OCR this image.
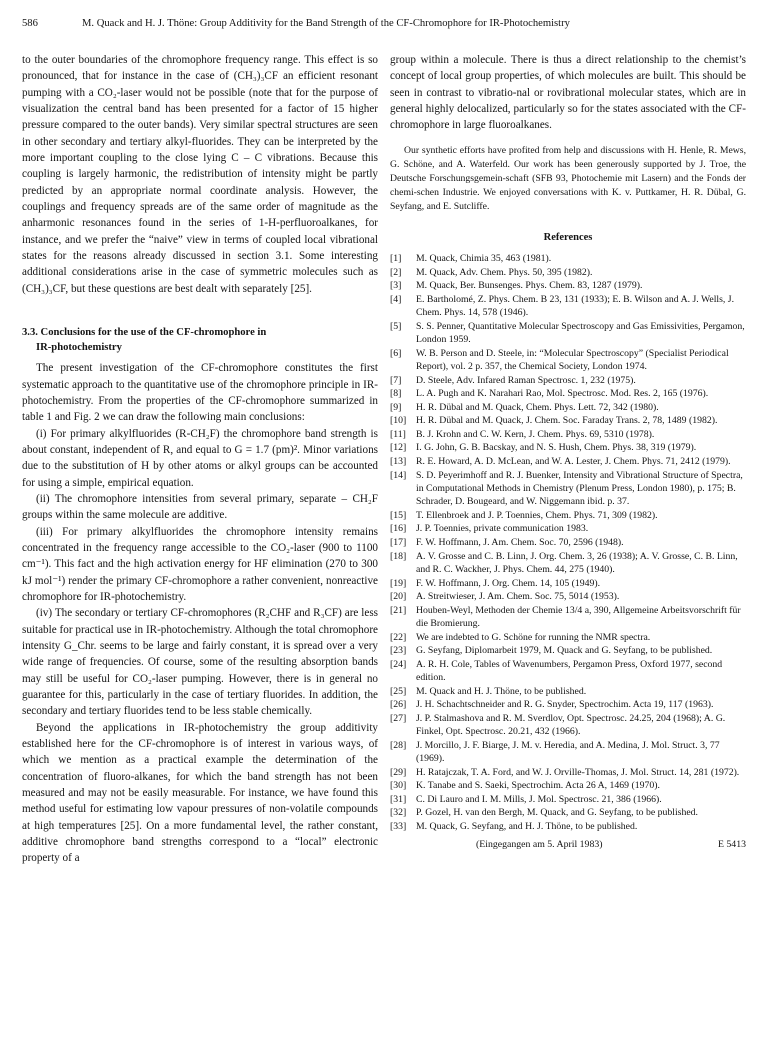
586	M. Quack and H. J. Thöne: Group Additivity for the Band Strength of the CF-Chromophore for IR-Photochemistry

to the outer boundaries of the chromophore frequency range. This effect is so pronounced, that for instance in the case of (CH₃)₃CF an efficient resonant pumping with a CO₂-laser would not be possible (note that for the purpose of visualization the central band has been presented for a factor of 15 higher pressure compared to the outer bands). Very similar spectral structures are seen in other secondary and tertiary alkyl-fluorides. They can be interpreted by the more important coupling to the close lying C – C vibrations. Because this coupling is largely harmonic, the redistribution of intensity might be partly predicted by an appropriate normal coordinate analysis. However, the couplings and frequency spreads are of the same order of magnitude as the anharmonic resonances found in the series of 1-H-perfluoroalkanes, for instance, and we prefer the “naive” view in terms of coupled local vibrational states for the reasons already discussed in section 3.1. Some interesting additional considerations arise in the case of symmetric molecules such as (CH₃)₃CF, but these questions are best dealt with separately [25].

3.3. Conclusions for the use of the CF-chromophore in
IR-photochemistry

The present investigation of the CF-chromophore constitutes the first systematic approach to the quantitative use of the chromophore principle in IR-photochemistry. From the properties of the CF-chromophore summarized in table 1 and Fig. 2 we can draw the following main conclusions:

(i) For primary alkylfluorides (R-CH₂F) the chromophore band strength is about constant, independent of R, and equal to G = 1.7 (pm)². Minor variations due to the substitution of H by other atoms or alkyl groups can be accounted for using a simple, empirical equation.

(ii) The chromophore intensities from several primary, separate – CH₂F groups within the same molecule are additive.

(iii) For primary alkylfluorides the chromophore intensity remains concentrated in the frequency range accessible to the CO₂-laser (900 to 1100 cm⁻¹). This fact and the high activation energy for HF elimination (270 to 300 kJ mol⁻¹) render the primary CF-chromophore a rather convenient, nonreactive chromophore for IR-photochemistry.

(iv) The secondary or tertiary CF-chromophores (R₂CHF and R₃CF) are less suitable for practical use in IR-photochemistry. Although the total chromophore intensity G_Chr. seems to be large and fairly constant, it is spread over a very wide range of frequencies. Of course, some of the resulting absorption bands may still be useful for CO₂-laser pumping. However, there is in general no guarantee for this, particularly in the case of tertiary fluorides. In addition, the secondary and tertiary fluorides tend to be less stable chemically.

Beyond the applications in IR-photochemistry the group additivity established here for the CF-chromophore is of interest in various ways, of which we mention as a practical example the determination of the concentration of fluoro-alkanes, for which the band strength has not been measured and may not be easily measurable. For instance, we have found this method useful for estimating low vapour pressures of non-volatile compounds at high temperatures [25]. On a more fundamental level, the rather constant, additive chromophore band strengths correspond to a “local” electronic property of a

group within a molecule. There is thus a direct relationship to the chemist’s concept of local group properties, of which molecules are built. This should be seen in contrast to vibratio-nal or rovibrational molecular states, which are in general highly delocalized, particularly so for the states associated with the CF-chromophore in large fluoroalkanes.

Our synthetic efforts have profited from help and discussions with H. Henle, R. Mews, G. Schöne, and A. Waterfeld. Our work has been generously supported by J. Troe, the Deutsche Forschungsgemein-schaft (SFB 93, Photochemie mit Lasern) and the Fonds der chemi-schen Industrie. We enjoyed conversations with K. v. Puttkamer, H. R. Dübal, G. Seyfang, and E. Sutcliffe.

References
[1]	M. Quack, Chimia 35, 463 (1981).
[2]	M. Quack, Adv. Chem. Phys. 50, 395 (1982).
[3]	M. Quack, Ber. Bunsenges. Phys. Chem. 83, 1287 (1979).
[4]	E. Bartholomé, Z. Phys. Chem. B 23, 131 (1933); E. B. Wilson and A. J. Wells, J. Chem. Phys. 14, 578 (1946).
[5]	S. S. Penner, Quantitative Molecular Spectroscopy and Gas Emissivities, Pergamon, London 1959.
[6]	W. B. Person and D. Steele, in: “Molecular Spectroscopy” (Specialist Periodical Report), vol. 2 p. 357, the Chemical Society, London 1974.
[7]	D. Steele, Adv. Infared Raman Spectrosc. 1, 232 (1975).
[8]	L. A. Pugh and K. Narahari Rao, Mol. Spectrosc. Mod. Res. 2, 165 (1976).
[9]	H. R. Dübal and M. Quack, Chem. Phys. Lett. 72, 342 (1980).
[10]	H. R. Dübal and M. Quack, J. Chem. Soc. Faraday Trans. 2, 78, 1489 (1982).
[11]	B. J. Krohn and C. W. Kern, J. Chem. Phys. 69, 5310 (1978).
[12]	I. G. John, G. B. Bacskay, and N. S. Hush, Chem. Phys. 38, 319 (1979).
[13]	R. E. Howard, A. D. McLean, and W. A. Lester, J. Chem. Phys. 71, 2412 (1979).
[14]	S. D. Peyerimhoff and R. J. Buenker, Intensity and Vibrational Structure of Spectra, in Computational Methods in Chemistry (Plenum Press, London 1980), p. 175; B. Schrader, D. Bougeard, and W. Niggemann ibid. p. 37.
[15]	T. Ellenbroek and J. P. Toennies, Chem. Phys. 71, 309 (1982).
[16]	J. P. Toennies, private communication 1983.
[17]	F. W. Hoffmann, J. Am. Chem. Soc. 70, 2596 (1948).
[18]	A. V. Grosse and C. B. Linn, J. Org. Chem. 3, 26 (1938); A. V. Grosse, C. B. Linn, and R. C. Wackher, J. Phys. Chem. 44, 275 (1940).
[19]	F. W. Hoffmann, J. Org. Chem. 14, 105 (1949).
[20]	A. Streitwieser, J. Am. Chem. Soc. 75, 5014 (1953).
[21]	Houben-Weyl, Methoden der Chemie 13/4 a, 390, Allgemeine Arbeitsvorschrift für die Bromierung.
[22]	We are indebted to G. Schöne for running the NMR spectra.
[23]	G. Seyfang, Diplomarbeit 1979, M. Quack and G. Seyfang, to be published.
[24]	A. R. H. Cole, Tables of Wavenumbers, Pergamon Press, Oxford 1977, second edition.
[25]	M. Quack and H. J. Thöne, to be published.
[26]	J. H. Schachtschneider and R. G. Snyder, Spectrochim. Acta 19, 117 (1963).
[27]	J. P. Stalmashova and R. M. Sverdlov, Opt. Spectrosc. 24.25, 204 (1968); A. G. Finkel, Opt. Spectrosc. 20.21, 432 (1966).
[28]	J. Morcillo, J. F. Biarge, J. M. v. Heredia, and A. Medina, J. Mol. Struct. 3, 77 (1969).
[29]	H. Ratajczak, T. A. Ford, and W. J. Orville-Thomas, J. Mol. Struct. 14, 281 (1972).
[30]	K. Tanabe and S. Saeki, Spectrochim. Acta 26 A, 1469 (1970).
[31]	C. Di Lauro and I. M. Mills, J. Mol. Spectrosc. 21, 386 (1966).
[32]	P. Gozel, H. van den Bergh, M. Quack, and G. Seyfang, to be published.
[33]	M. Quack, G. Seyfang, and H. J. Thöne, to be published.
(Eingegangen am 5. April 1983)	E 5413
